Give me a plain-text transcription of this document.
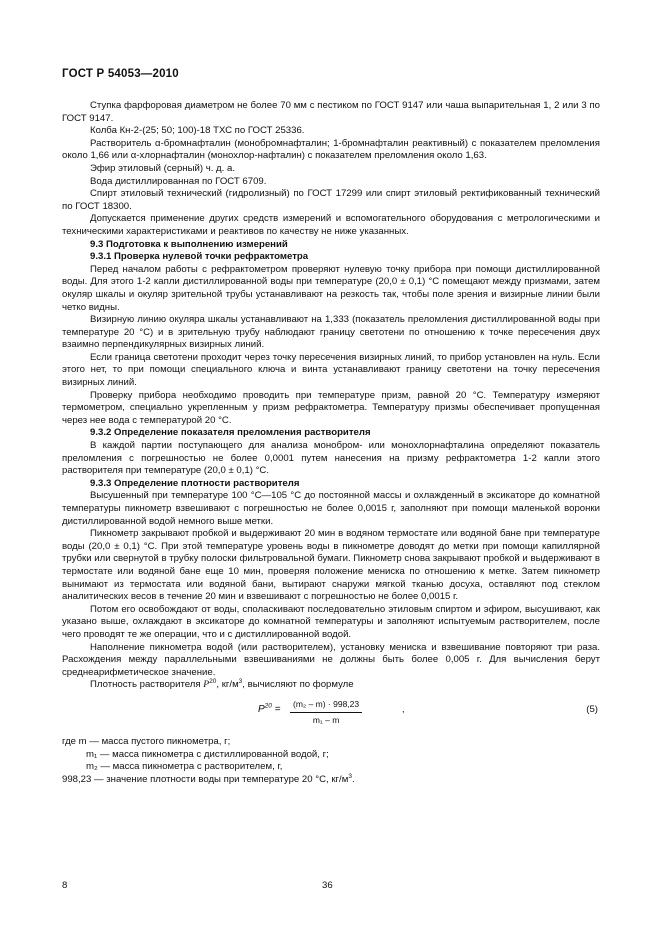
ГОСТ Р 54053—2010

Ступка фарфоровая диаметром не более 70 мм с пестиком по ГОСТ 9147 или чаша выпарительная 1, 2 или 3 по ГОСТ 9147.

Колба Кн-2-(25; 50; 100)-18 ТХС по ГОСТ 25336.

Растворитель α-бромнафталин (монобромнафталин; 1-бромнафталин реактивный) с показателем преломления около 1,66 или α-хлорнафталин (монохлор-нафталин) с показателем преломления около 1,63.

Эфир этиловый (серный) ч. д. а.

Вода дистиллированная по ГОСТ 6709.

Спирт этиловый технический (гидролизный) по ГОСТ 17299 или спирт этиловый ректификованный технический по ГОСТ 18300.

Допускается применение других средств измерений и вспомогательного оборудования с метрологическими и техническими характеристиками и реактивов по качеству не ниже указанных.

9.3 Подготовка к выполнению измерений

9.3.1 Проверка нулевой точки рефрактометра

Перед началом работы с рефрактометром проверяют нулевую точку прибора при помощи дистиллированной воды. Для этого 1-2 капли дистиллированной воды при температуре (20,0 ± 0,1) °С помещают между призмами, затем окуляр шкалы и окуляр зрительной трубы устанавливают на резкость так, чтобы поле зрения и визирные линии были четко видны.

Визирную линию окуляра шкалы устанавливают на 1,333 (показатель преломления дистиллированной воды при температуре 20 °С) и в зрительную трубу наблюдают границу светотени по отношению к точке пересечения двух взаимно перпендикулярных визирных линий.

Если граница светотени проходит через точку пересечения визирных линий, то прибор установлен на нуль. Если этого нет, то при помощи специального ключа и винта устанавливают границу светотени на точку пересечения визирных линий.

Проверку прибора необходимо проводить при температуре призм, равной 20 °С. Температуру измеряют термометром, специально укрепленным у призм рефрактометра. Температуру призмы обеспечивает пропущенная через нее вода с температурой 20 °С.

9.3.2 Определение показателя преломления растворителя

В каждой партии поступающего для анализа монобром- или монохлорнафталина определяют показатель преломления с погрешностью не более 0,0001 путем нанесения на призму рефрактометра 1-2 капли этого растворителя при температуре (20,0 ± 0,1) °С.

9.3.3 Определение плотности растворителя

Высушенный при температуре 100 °С—105 °С до постоянной массы и охлажденный в эксикаторе до комнатной температуры пикнометр взвешивают с погрешностью не более 0,0015 г, заполняют при помощи маленькой воронки дистиллированной водой немного выше метки.

Пикнометр закрывают пробкой и выдерживают 20 мин в водяном термостате или водяной бане при температуре воды (20,0 ± 0,1) °С. При этой температуре уровень воды в пикнометре доводят до метки при помощи капиллярной трубки или свернутой в трубку полоски фильтровальной бумаги. Пикнометр снова закрывают пробкой и выдерживают в термостате или водяной бане еще 10 мин, проверяя положение мениска по отношению к метке. Затем пикнометр вынимают из термостата или водяной бани, вытирают снаружи мягкой тканью досуха, оставляют под стеклом аналитических весов в течение 20 мин и взвешивают с погрешностью не более 0,0015 г.

Потом его освобождают от воды, споласкивают последовательно этиловым спиртом и эфиром, высушивают, как указано выше, охлаждают в эксикаторе до комнатной температуры и заполняют испытуемым растворителем, после чего проводят те же операции, что и с дистиллированной водой.

Наполнение пикнометра водой (или растворителем), установку мениска и взвешивание повторяют три раза. Расхождения между параллельными взвешиваниями не должны быть более 0,005 г. Для вычисления берут среднеарифметическое значение.

Плотность растворителя $P^{20}$, $кг/м^3$, вычисляют по формуле

$P^{20} = \frac{\text{(m₂ – m) · 998,23}}{\text{m₁ – m}}$	,	(5)

где m — масса пустого пикнометра, г;

m₁ — масса пикнометра с дистиллированной водой, г;

m₂ — масса пикнометра с растворителем, г,

998,23 — значение плотности воды при температуре 20 °С, $кг/м^3$.

8	36
